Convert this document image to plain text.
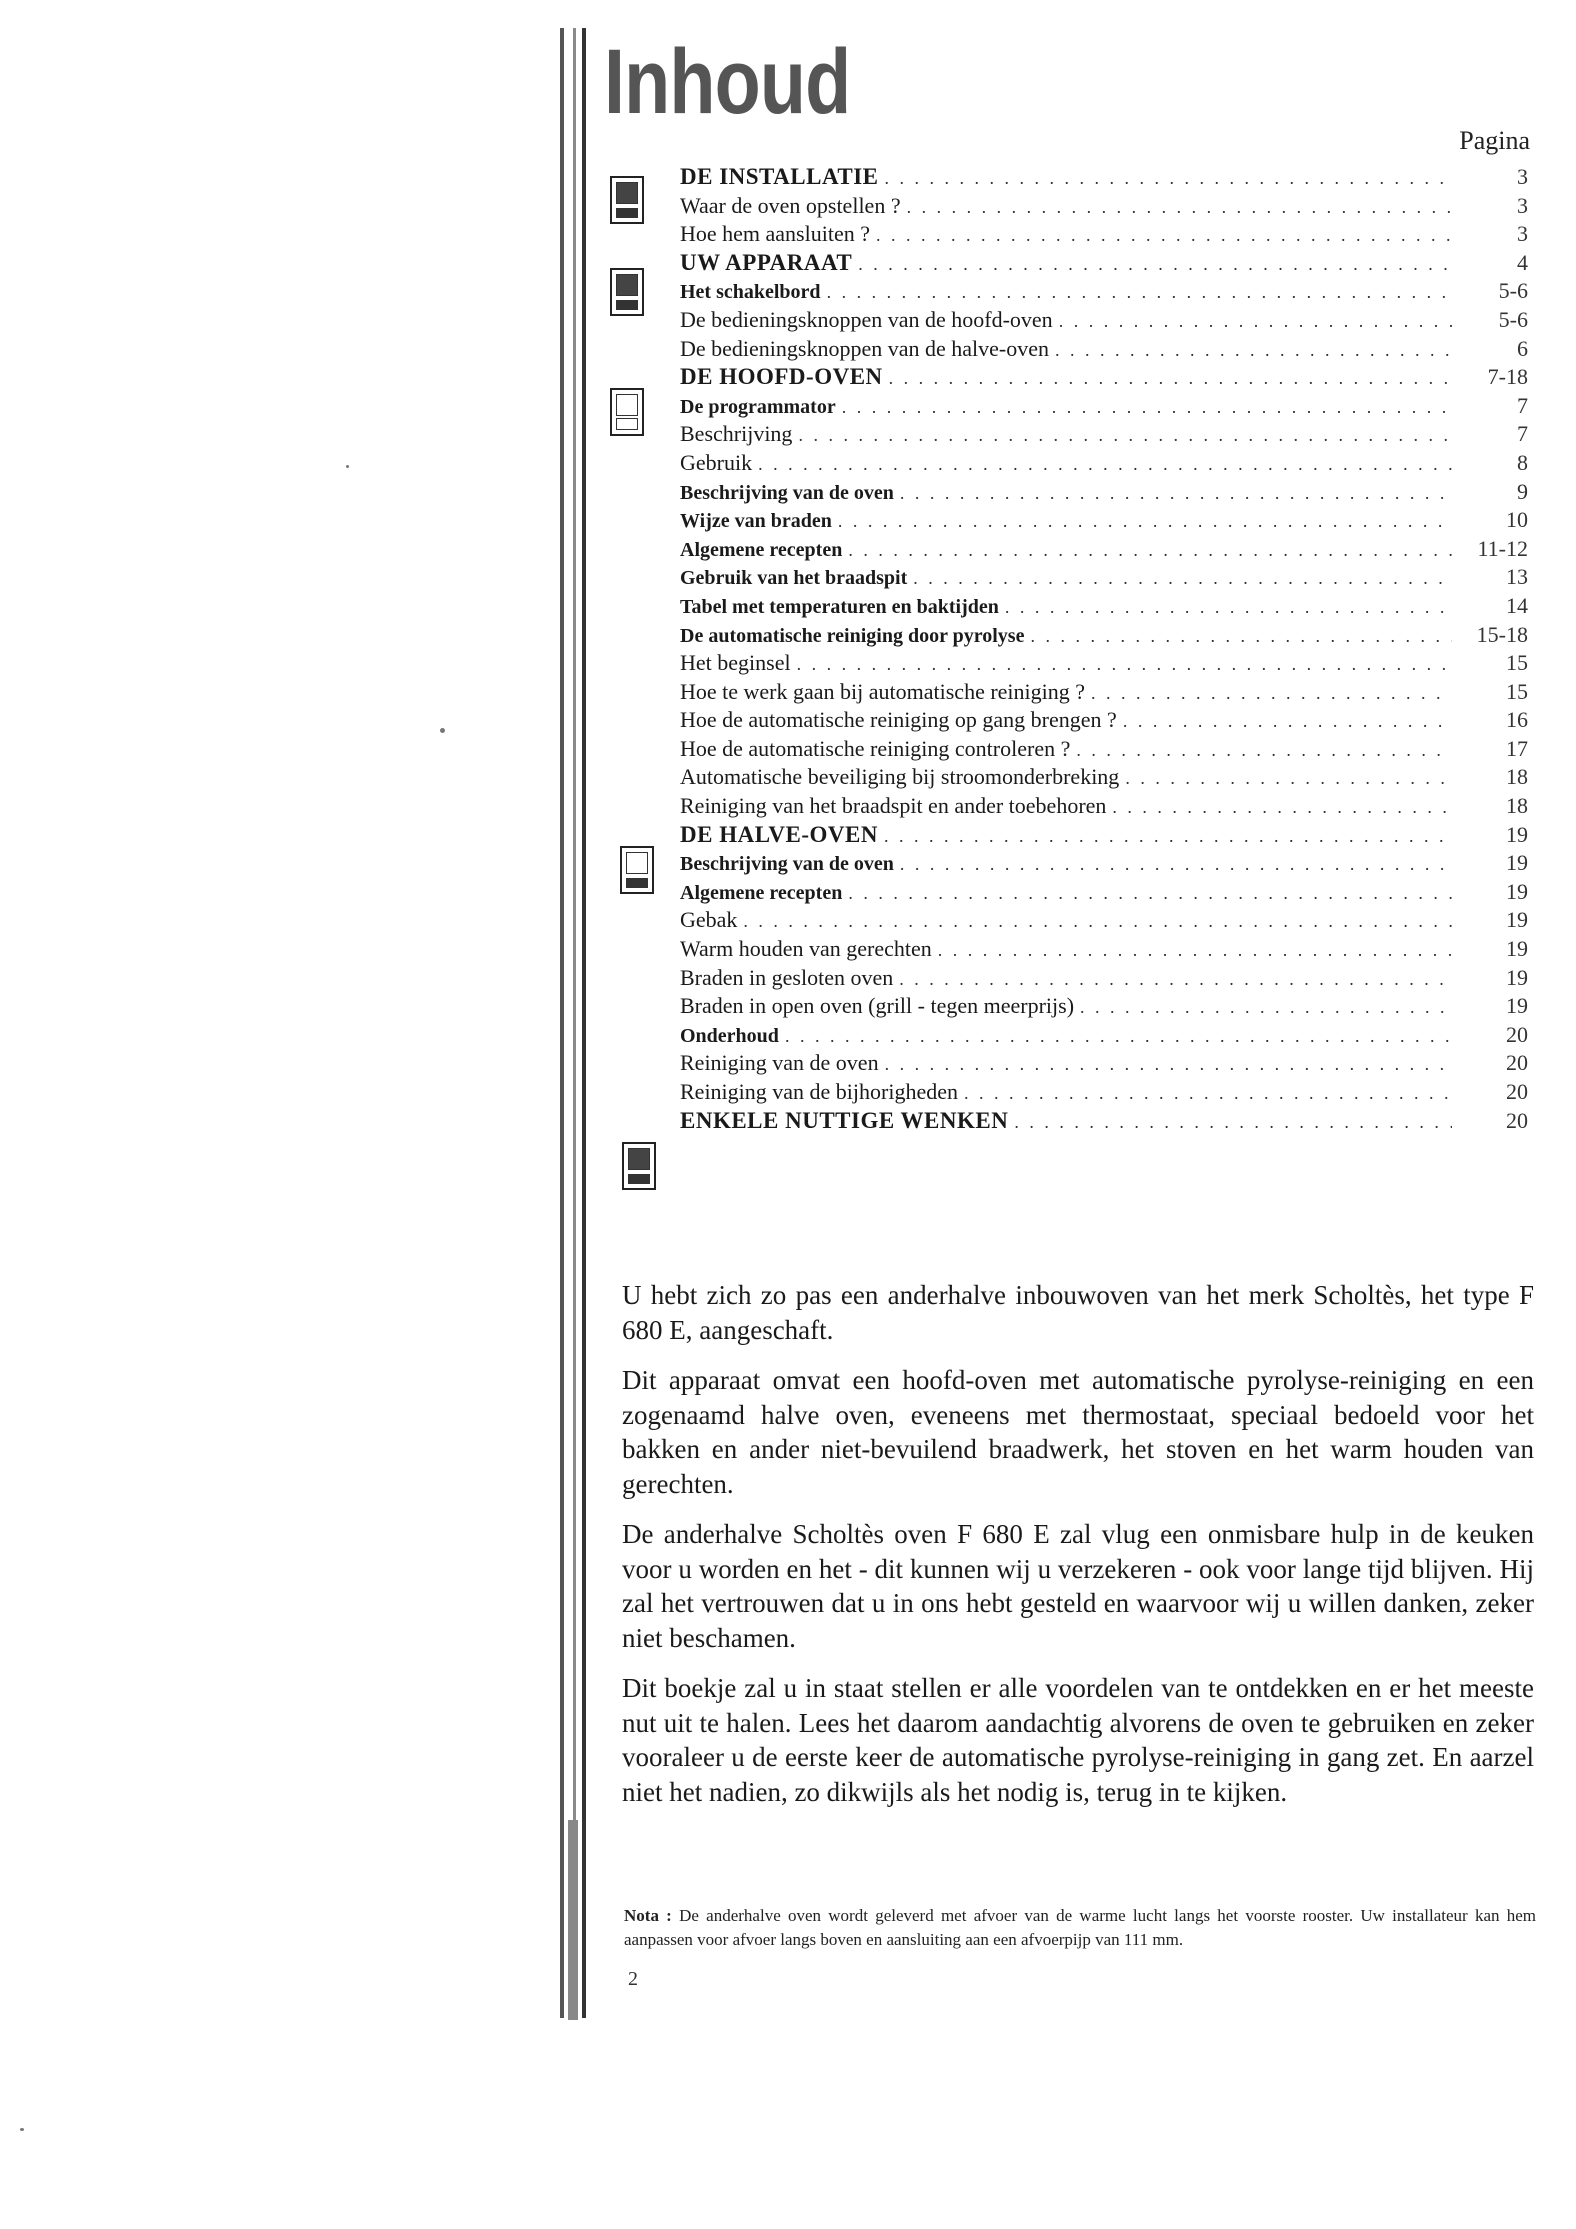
Inhoud
Pagina
DE INSTALLATIE . . .	3
Waar de oven opstellen ? . . .	3
Hoe hem aansluiten ? . . .	3
UW APPARAAT . . .	4
Het schakelbord . . .	5-6
De bedieningsknoppen van de hoofd-oven . . .	5-6
De bedieningsknoppen van de halve-oven . . .	6
DE HOOFD-OVEN . . .	7-18
De programmator . . .	7
Beschrijving . . .	7
Gebruik . . .	8
Beschrijving van de oven . . .	9
Wijze van braden . . .	10
Algemene recepten . . .	11-12
Gebruik van het braadspit . . .	13
Tabel met temperaturen en baktijden . . .	14
De automatische reiniging door pyrolyse . . .	15-18
Het beginsel . . .	15
Hoe te werk gaan bij automatische reiniging ? . . .	15
Hoe de automatische reiniging op gang brengen ? . . .	16
Hoe de automatische reiniging controleren ? . . .	17
Automatische beveiliging bij stroomonderbreking . . .	18
Reiniging van het braadspit en ander toebehoren . . .	18
DE HALVE-OVEN . . .	19
Beschrijving van de oven . . .	19
Algemene recepten . . .	19
Gebak . . .	19
Warm houden van gerechten . . .	19
Braden in gesloten oven . . .	19
Braden in open oven (grill - tegen meerprijs) . . .	19
Onderhoud . . .	20
Reiniging van de oven . . .	20
Reiniging van de bijhorigheden . . .	20
ENKELE NUTTIGE WENKEN . . .	20

U hebt zich zo pas een anderhalve inbouwoven van het merk Scholtès, het type F 680 E, aangeschaft.

Dit apparaat omvat een hoofd-oven met automatische pyrolyse-reiniging en een zogenaamd halve oven, eveneens met thermostaat, speciaal bedoeld voor het bakken en ander niet-bevuilend braadwerk, het stoven en het warm houden van gerechten.

De anderhalve Scholtès oven F 680 E zal vlug een onmisbare hulp in de keuken voor u worden en het - dit kunnen wij u verzekeren - ook voor lange tijd blijven. Hij zal het vertrouwen dat u in ons hebt gesteld en waarvoor wij u willen danken, zeker niet beschamen.

Dit boekje zal u in staat stellen er alle voordelen van te ontdekken en er het meeste nut uit te halen. Lees het daarom aandachtig alvorens de oven te gebruiken en zeker vooraleer u de eerste keer de automatische pyrolyse-reiniging in gang zet. En aarzel niet het nadien, zo dikwijls als het nodig is, terug in te kijken.

Nota : De anderhalve oven wordt geleverd met afvoer van de warme lucht langs het voorste rooster. Uw installateur kan hem aanpassen voor afvoer langs boven en aansluiting aan een afvoerpijp van 111 mm.

2
